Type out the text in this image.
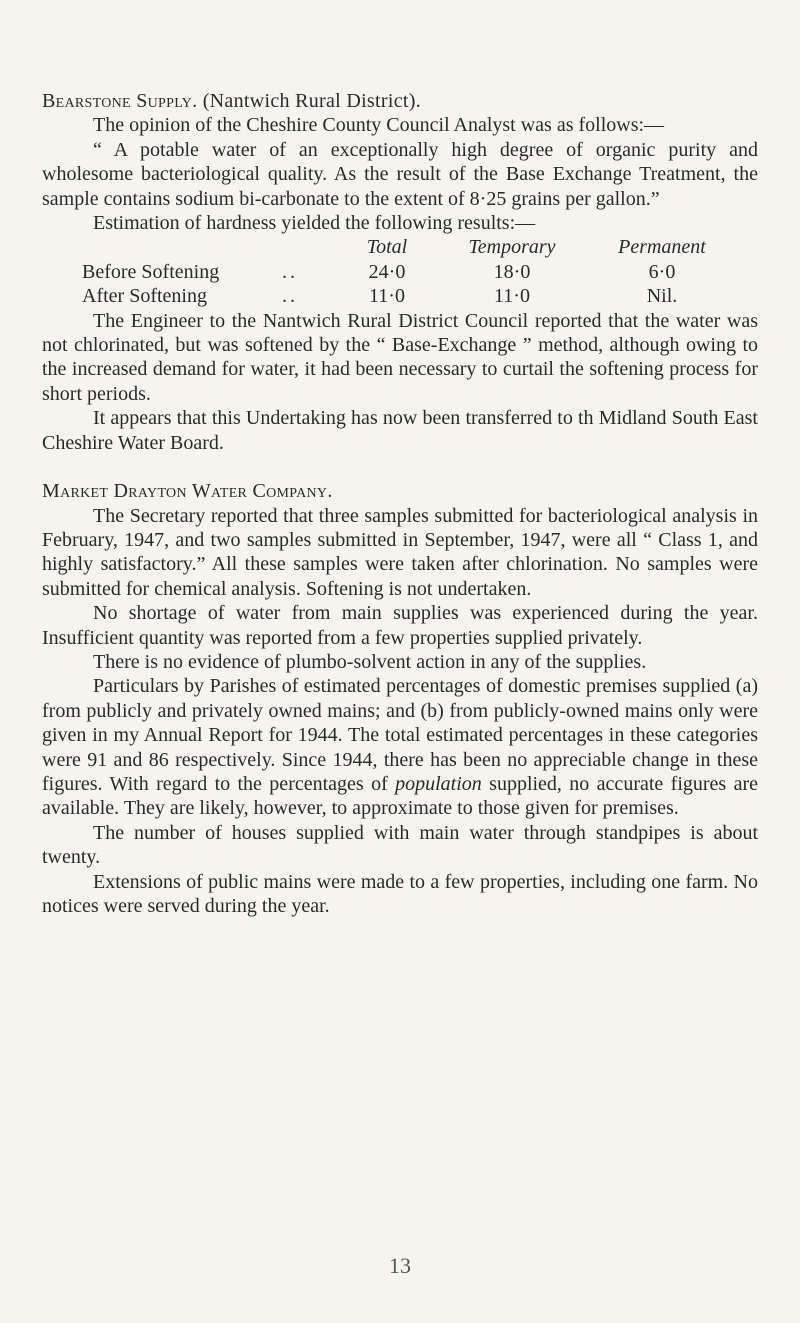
Bearstone Supply. (Nantwich Rural District).

The opinion of the Cheshire County Council Analyst was as follows:—

“ A potable water of an exceptionally high degree of organic purity and wholesome bacteriological quality. As the result of the Base Exchange Treatment, the sample contains sodium bi-carbonate to the extent of 8·25 grains per gallon.”

Estimation of hardness yielded the following results:—

		Total	Temporary	Permanent
Before Softening	..	24·0	18·0	6·0
After Softening	..	11·0	11·0	Nil.

The Engineer to the Nantwich Rural District Council reported that the water was not chlorinated, but was softened by the “ Base-Exchange ” method, although owing to the increased demand for water, it had been necessary to curtail the softening process for short periods.

It appears that this Undertaking has now been transferred to th Midland South East Cheshire Water Board.

Market Drayton Water Company.

The Secretary reported that three samples submitted for bacteriological analysis in February, 1947, and two samples submitted in September, 1947, were all “ Class 1, and highly satisfactory.” All these samples were taken after chlorination. No samples were submitted for chemical analysis. Softening is not undertaken.

No shortage of water from main supplies was experienced during the year. Insufficient quantity was reported from a few properties supplied privately.

There is no evidence of plumbo-solvent action in any of the supplies.

Particulars by Parishes of estimated percentages of domestic premises supplied (a) from publicly and privately owned mains; and (b) from publicly-owned mains only were given in my Annual Report for 1944. The total estimated percentages in these categories were 91 and 86 respectively. Since 1944, there has been no appreciable change in these figures. With regard to the percentages of population supplied, no accurate figures are available. They are likely, however, to approximate to those given for premises.

The number of houses supplied with main water through standpipes is about twenty.

Extensions of public mains were made to a few properties, including one farm. No notices were served during the year.

13
